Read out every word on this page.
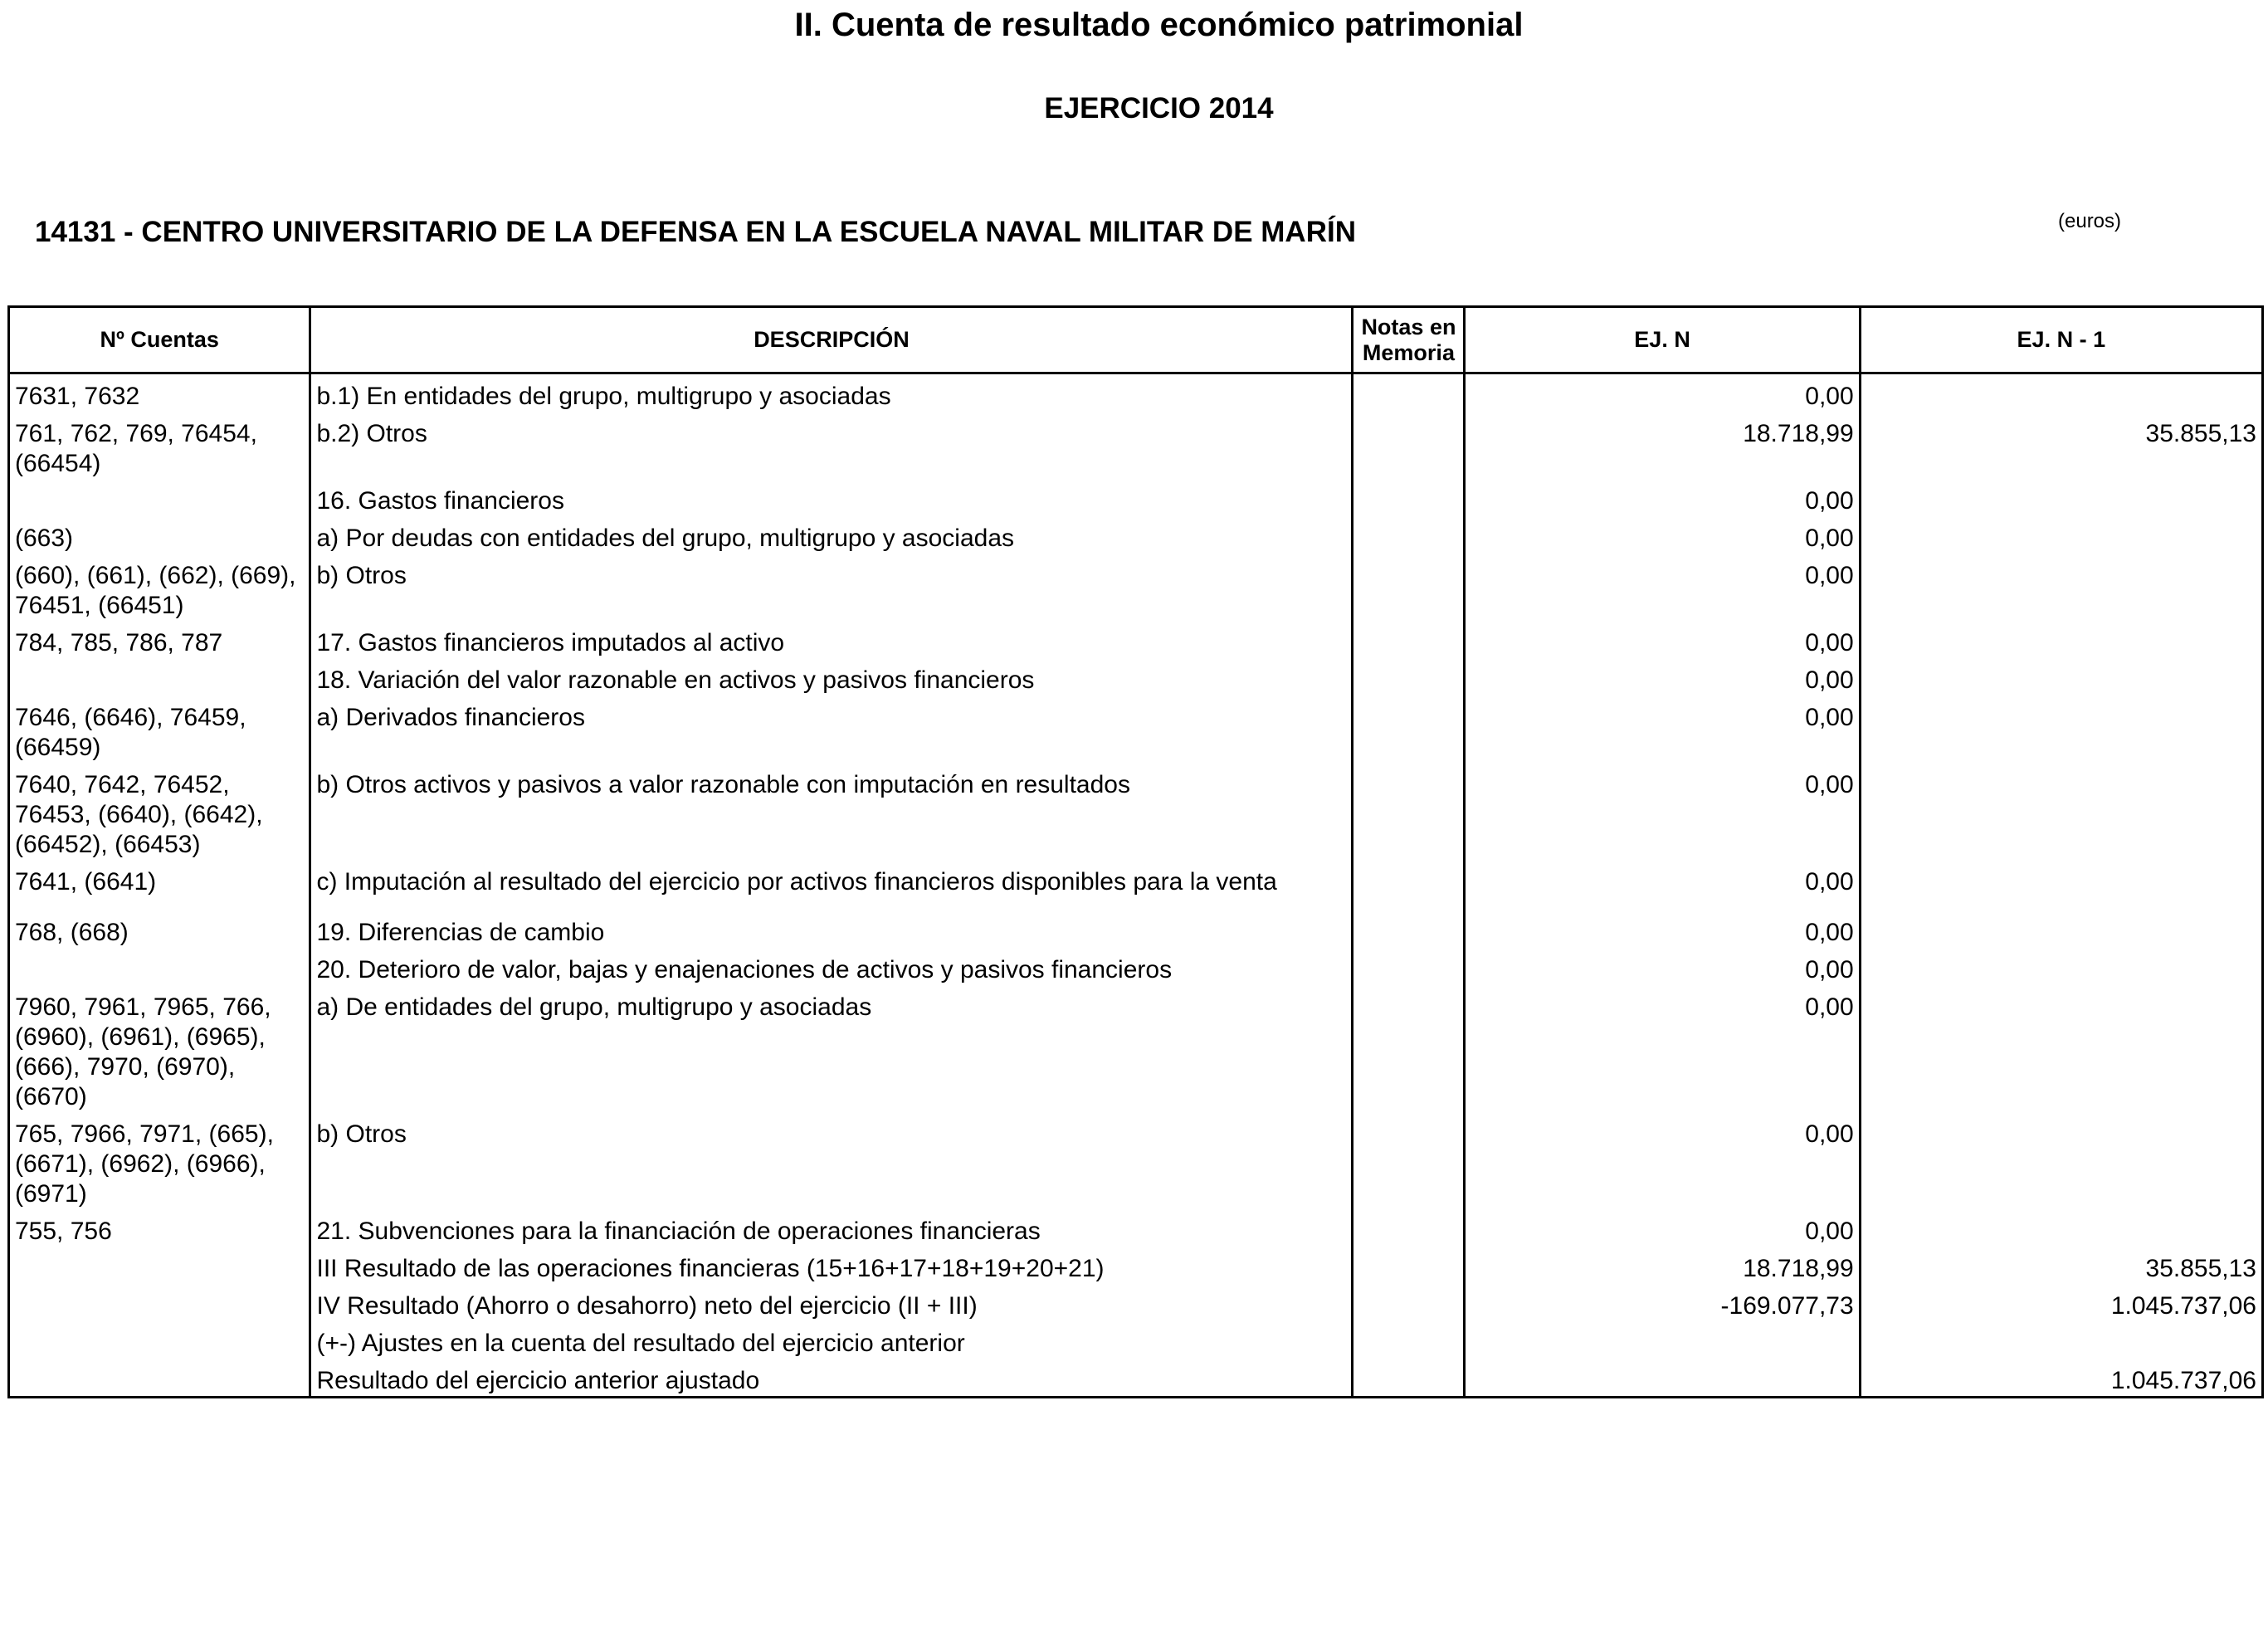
II. Cuenta de resultado económico patrimonial
EJERCICIO 2014
14131 - CENTRO UNIVERSITARIO DE LA DEFENSA EN LA ESCUELA NAVAL MILITAR DE MARÍN	(euros)
Nº Cuentas	DESCRIPCIÓN	Notas en Memoria	EJ. N	EJ. N - 1
7631, 7632	b.1) En entidades del grupo, multigrupo y asociadas		0,00	
761, 762, 769, 76454, (66454)	b.2) Otros		18.718,99	35.855,13
	16. Gastos financieros		0,00	
(663)	a) Por deudas con entidades del grupo, multigrupo y asociadas		0,00	
(660), (661), (662), (669), 76451, (66451)	b) Otros		0,00	
784, 785, 786, 787	17. Gastos financieros imputados al activo		0,00	
	18. Variación del valor razonable en activos y pasivos financieros		0,00	
7646, (6646), 76459, (66459)	a) Derivados financieros		0,00	
7640, 7642, 76452, 76453, (6640), (6642), (66452), (66453)	b) Otros activos y pasivos a valor razonable con imputación en resultados		0,00	
7641, (6641)	c) Imputación al resultado del ejercicio por activos financieros disponibles para la venta		0,00	
768, (668)	19. Diferencias de cambio		0,00	
	20. Deterioro de valor, bajas y enajenaciones de activos y pasivos financieros		0,00	
7960, 7961, 7965, 766, (6960), (6961), (6965), (666), 7970, (6970), (6670)	a) De entidades del grupo, multigrupo y asociadas		0,00	
765, 7966, 7971, (665), (6671), (6962), (6966), (6971)	b) Otros		0,00	
755, 756	21. Subvenciones para la financiación de operaciones financieras		0,00	
	III Resultado de las operaciones financieras (15+16+17+18+19+20+21)		18.718,99	35.855,13
	IV Resultado (Ahorro o desahorro) neto del ejercicio (II + III)		-169.077,73	1.045.737,06
	(+-) Ajustes en la cuenta del resultado del ejercicio anterior			
	Resultado del ejercicio anterior ajustado			1.045.737,06
